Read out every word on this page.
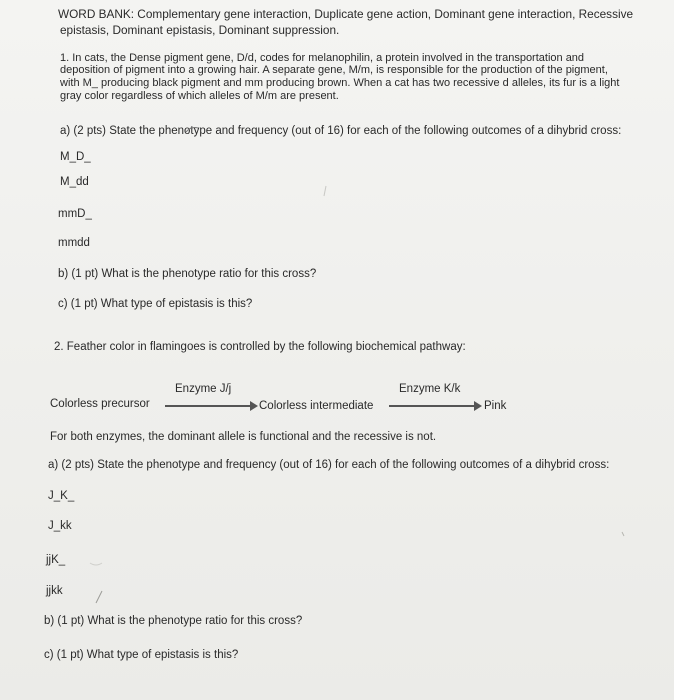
WORD BANK: Complementary gene interaction, Duplicate gene action, Dominant gene interaction, Recessive
epistasis, Dominant epistasis, Dominant suppression.
1. In cats, the Dense pigment gene, D/d, codes for melanophilin, a protein involved in the transportation and
deposition of pigment into a growing hair. A separate gene, M/m, is responsible for the production of the pigment,
with M_ producing black pigment and mm producing brown. When a cat has two recessive d alleles, its fur is a light
gray color regardless of which alleles of M/m are present.
a) (2 pts) State the phenotype and frequency (out of 16) for each of the following outcomes of a dihybrid cross:
M_D_
M_dd
mmD_
mmdd
b) (1 pt) What is the phenotype ratio for this cross?
c) (1 pt) What type of epistasis is this?
2. Feather color in flamingoes is controlled by the following biochemical pathway:
Enzyme J/j	Enzyme K/k
Colorless precursor	Colorless intermediate	Pink
For both enzymes, the dominant allele is functional and the recessive is not.
a) (2 pts) State the phenotype and frequency (out of 16) for each of the following outcomes of a dihybrid cross:
J_K_
J_kk
jjK_
jjkk
b) (1 pt) What is the phenotype ratio for this cross?
c) (1 pt) What type of epistasis is this?
